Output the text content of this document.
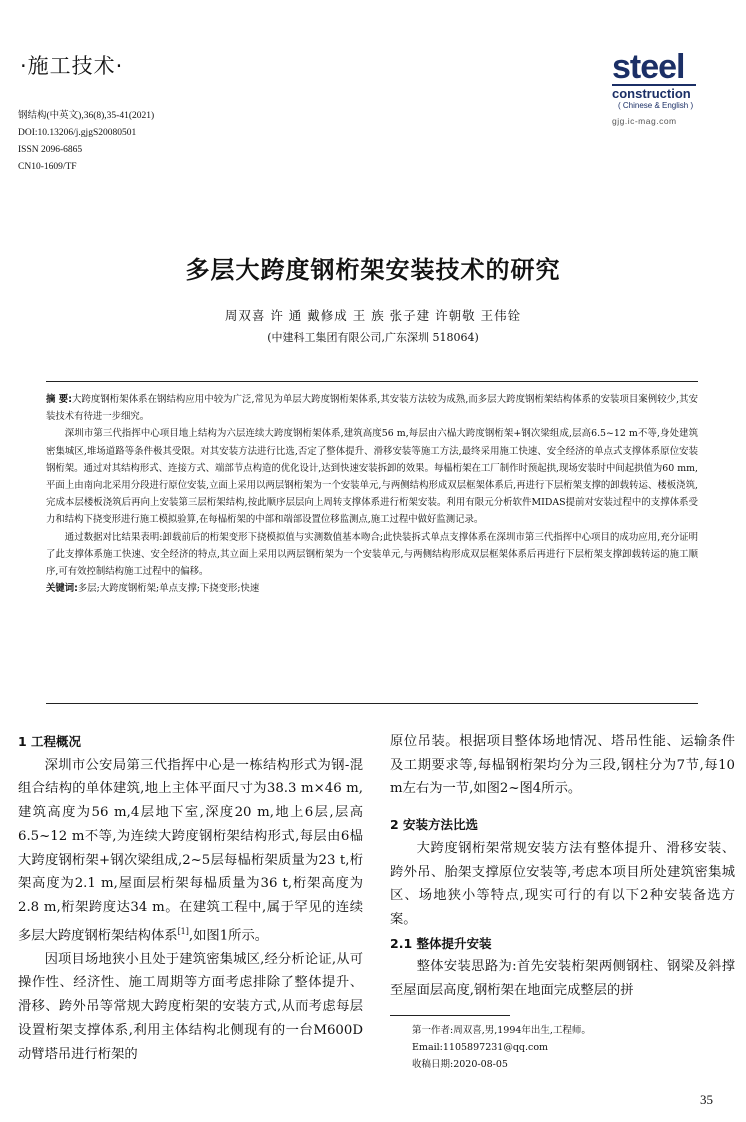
·施工技术·
钢结构(中英文),36(8),35-41(2021)
DOI:10.13206/j.gjgS20080501
ISSN 2096-6865
CN10-1609/TF
steel
construction
( Chinese & English )
gjg.ic-mag.com
多层大跨度钢桁架安装技术的研究
周双喜 许 通 戴修成 王 族 张子建 许朝敬 王伟铨
(中建科工集团有限公司,广东深圳 518064)

摘 要:大跨度钢桁架体系在钢结构应用中较为广泛,常见为单层大跨度钢桁架体系,其安装方法较为成熟,而多层大跨度钢桁架结构体系的安装项目案例较少,其安装技术有待进一步细究。

深圳市第三代指挥中心项目地上结构为六层连续大跨度钢桁架体系,建筑高度56 m,每层由六榀大跨度钢桁架+钢次梁组成,层高6.5~12 m不等,身处建筑密集城区,堆场道路等条件极其受限。对其安装方法进行比选,否定了整体提升、滑移安装等施工方法,最终采用施工快速、安全经济的单点式支撑体系原位安装钢桁架。通过对其结构形式、连接方式、端部节点构造的优化设计,达到快速安装拆卸的效果。每榀桁架在工厂制作时预起拱,现场安装时中间起拱值为60 mm,平面上由南向北采用分段进行原位安装,立面上采用以两层钢桁架为一个安装单元,与两侧结构形成双层框架体系后,再进行下层桁架支撑的卸载转运、楼板浇筑,完成本层楼板浇筑后再向上安装第三层桁架结构,按此顺序层层向上周转支撑体系进行桁架安装。利用有限元分析软件MIDAS提前对安装过程中的支撑体系受力和结构下挠变形进行施工模拟验算,在每榀桁架的中部和端部设置位移监测点,施工过程中做好监测记录。

通过数据对比结果表明:卸载前后的桁架变形下挠模拟值与实测数值基本吻合;此快装拆式单点支撑体系在深圳市第三代指挥中心项目的成功应用,充分证明了此支撑体系施工快速、安全经济的特点,其立面上采用以两层钢桁架为一个安装单元,与两侧结构形成双层框架体系后再进行下层桁架支撑卸载转运的施工顺序,可有效控制结构施工过程中的偏移。

关键词:多层;大跨度钢桁架;单点支撑;下挠变形;快速

1 工程概况

深圳市公安局第三代指挥中心是一栋结构形式为钢-混组合结构的单体建筑,地上主体平面尺寸为38.3 m×46 m,建筑高度为56 m,4层地下室,深度20 m,地上6层,层高6.5~12 m不等,为连续大跨度钢桁架结构形式,每层由6榀大跨度钢桁架+钢次梁组成,2~5层每榀桁架质量为23 t,桁架高度为2.1 m,屋面层桁架每榀质量为36 t,桁架高度为2.8 m,桁架跨度达34 m。在建筑工程中,属于罕见的连续多层大跨度钢桁架结构体系[1],如图1所示。

因项目场地狭小且处于建筑密集城区,经分析论证,从可操作性、经济性、施工周期等方面考虑排除了整体提升、滑移、跨外吊等常规大跨度桁架的安装方式,从而考虑每层设置桁架支撑体系,利用主体结构北侧现有的一台M600D动臂塔吊进行桁架的

原位吊装。根据项目整体场地情况、塔吊性能、运输条件及工期要求等,每榀钢桁架均分为三段,钢柱分为7节,每10 m左右为一节,如图2~图4所示。

2 安装方法比选

大跨度钢桁架常规安装方法有整体提升、滑移安装、跨外吊、胎架支撑原位安装等,考虑本项目所处建筑密集城区、场地狭小等特点,现实可行的有以下2种安装备选方案。

2.1 整体提升安装

整体安装思路为:首先安装桁架两侧钢柱、钢梁及斜撑至屋面层高度,钢桁架在地面完成整层的拼

第一作者:周双喜,男,1994年出生,工程师。
Email:1105897231@qq.com
收稿日期:2020-08-05
35
